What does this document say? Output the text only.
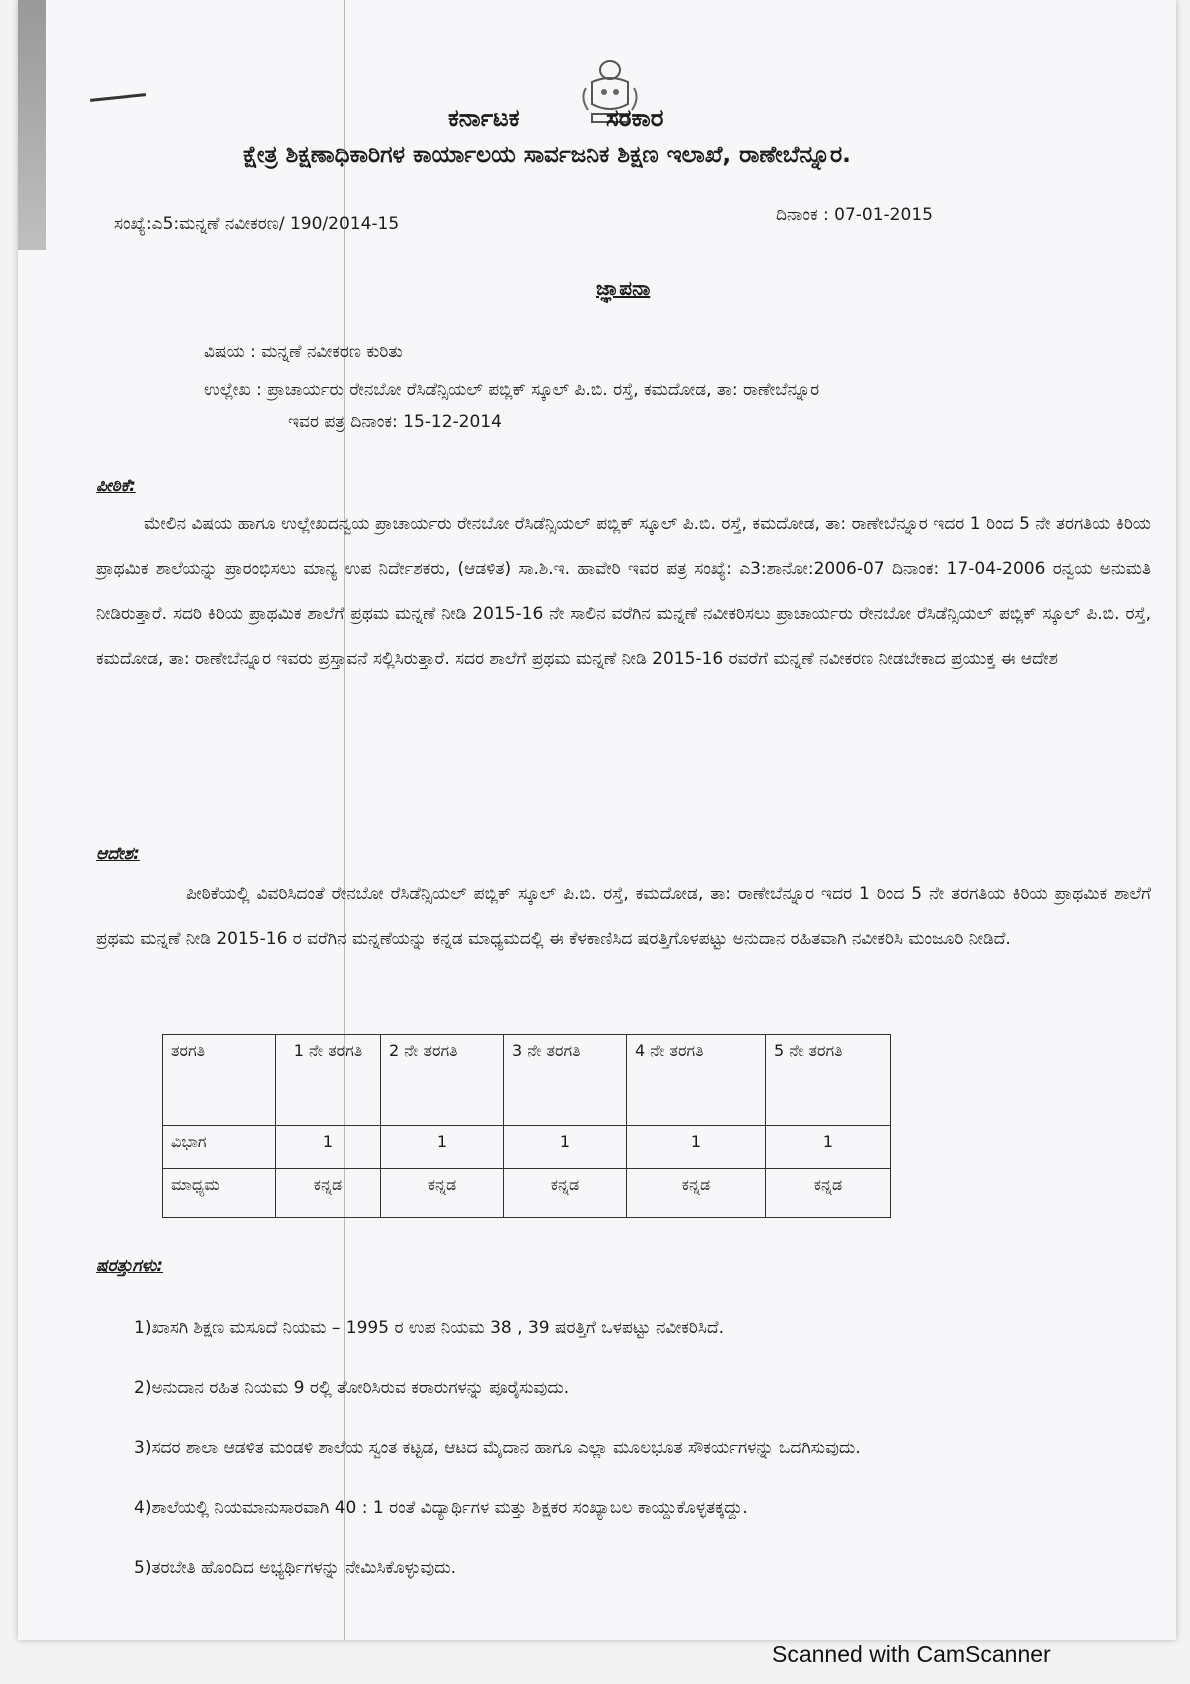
ಕರ್ನಾಟಕ	ಸರಕಾರ
ಕ್ಷೇತ್ರ ಶಿಕ್ಷಣಾಧಿಕಾರಿಗಳ ಕಾರ್ಯಾಲಯ ಸಾರ್ವಜನಿಕ ಶಿಕ್ಷಣ ಇಲಾಖೆ, ರಾಣೇಬೆನ್ನೂರ.
ಸಂಖ್ಯೆ:ಎ5:ಮನ್ನಣೆ ನವೀಕರಣ/ 190/2014-15	ದಿನಾಂಕ : 07-01-2015
ಜ್ಞಾಪನಾ
ವಿಷಯ : ಮನ್ನಣೆ ನವೀಕರಣ ಕುರಿತು
ಉಲ್ಲೇಖ : ಪ್ರಾಚಾರ್ಯರು ರೇನಬೋ ರೆಸಿಡೆನ್ಸಿಯಲ್ ಪಬ್ಲಿಕ್ ಸ್ಕೂಲ್ ಪಿ.ಬಿ. ರಸ್ತೆ, ಕಮದೋಡ, ತಾ: ರಾಣೇಬೆನ್ನೂರ
ಇವರ ಪತ್ರ ದಿನಾಂಕ: 15-12-2014
ಪೀಠಿಕೆ:
ಮೇಲಿನ ವಿಷಯ ಹಾಗೂ ಉಲ್ಲೇಖದನ್ವಯ ಪ್ರಾಚಾರ್ಯರು ರೇನಬೋ ರೆಸಿಡೆನ್ಸಿಯಲ್ ಪಬ್ಲಿಕ್ ಸ್ಕೂಲ್ ಪಿ.ಬಿ. ರಸ್ತೆ, ಕಮದೋಡ, ತಾ: ರಾಣೇಬೆನ್ನೂರ ಇದರ 1 ರಿಂದ 5 ನೇ ತರಗತಿಯ ಕಿರಿಯ ಪ್ರಾಥಮಿಕ ಶಾಲೆಯನ್ನು ಪ್ರಾರಂಭಿಸಲು ಮಾನ್ಯ ಉಪ ನಿರ್ದೇಶಕರು, (ಆಡಳಿತ) ಸಾ.ಶಿ.ಇ. ಹಾವೇರಿ ಇವರ ಪತ್ರ ಸಂಖ್ಯೆ: ಎ3:ಶಾನೋ:2006-07 ದಿನಾಂಕ: 17-04-2006 ರನ್ವಯ ಅನುಮತಿ ನೀಡಿರುತ್ತಾರೆ. ಸದರಿ ಕಿರಿಯ ಪ್ರಾಥಮಿಕ ಶಾಲೆಗೆ ಪ್ರಥಮ ಮನ್ನಣೆ ನೀಡಿ 2015-16 ನೇ ಸಾಲಿನ ವರೆಗಿನ ಮನ್ನಣೆ ನವೀಕರಿಸಲು ಪ್ರಾಚಾರ್ಯರು ರೇನಬೋ ರೆಸಿಡೆನ್ಸಿಯಲ್ ಪಬ್ಲಿಕ್ ಸ್ಕೂಲ್ ಪಿ.ಬಿ. ರಸ್ತೆ, ಕಮದೋಡ, ತಾ: ರಾಣೇಬೆನ್ನೂರ ಇವರು ಪ್ರಸ್ತಾವನೆ ಸಲ್ಲಿಸಿರುತ್ತಾರೆ. ಸದರ ಶಾಲೆಗೆ ಪ್ರಥಮ ಮನ್ನಣೆ ನೀಡಿ 2015-16 ರವರೆಗೆ ಮನ್ನಣೆ ನವೀಕರಣ ನೀಡಬೇಕಾದ ಪ್ರಯುಕ್ತ ಈ ಆದೇಶ
ಆದೇಶ:
ಪೀಠಿಕೆಯಲ್ಲಿ ವಿವರಿಸಿದಂತೆ ರೇನಬೋ ರೆಸಿಡೆನ್ಸಿಯಲ್ ಪಬ್ಲಿಕ್ ಸ್ಕೂಲ್ ಪಿ.ಬಿ. ರಸ್ತೆ, ಕಮದೋಡ, ತಾ: ರಾಣೇಬೆನ್ನೂರ ಇದರ 1 ರಿಂದ 5 ನೇ ತರಗತಿಯ ಕಿರಿಯ ಪ್ರಾಥಮಿಕ ಶಾಲೆಗೆ ಪ್ರಥಮ ಮನ್ನಣೆ ನೀಡಿ 2015-16 ರ ವರೆಗಿನ ಮನ್ನಣೆಯನ್ನು ಕನ್ನಡ ಮಾಧ್ಯಮದಲ್ಲಿ ಈ ಕೆಳಕಾಣಿಸಿದ ಷರತ್ತಿಗೊಳಪಟ್ಟು ಅನುದಾನ ರಹಿತವಾಗಿ ನವೀಕರಿಸಿ ಮಂಜೂರಿ ನೀಡಿದೆ.
ತರಗತಿ	1 ನೇ ತರಗತಿ	2 ನೇ ತರಗತಿ	3 ನೇ ತರಗತಿ	4 ನೇ ತರಗತಿ	5 ನೇ ತರಗತಿ
ವಿಭಾಗ	1	1	1	1	1
ಮಾಧ್ಯಮ	ಕನ್ನಡ	ಕನ್ನಡ	ಕನ್ನಡ	ಕನ್ನಡ	ಕನ್ನಡ
ಷರತ್ತುಗಳು:
1)ಖಾಸಗಿ ಶಿಕ್ಷಣ ಮಸೂದೆ ನಿಯಮ – 1995 ರ ಉಪ ನಿಯಮ 38 , 39 ಷರತ್ತಿಗೆ ಒಳಪಟ್ಟು ನವೀಕರಿಸಿದೆ.
2)ಅನುದಾನ ರಹಿತ ನಿಯಮ 9 ರಲ್ಲಿ ತೋರಿಸಿರುವ ಕರಾರುಗಳನ್ನು ಪೂರೈಸುವುದು.
3)ಸದರ ಶಾಲಾ ಆಡಳಿತ ಮಂಡಳಿ ಶಾಲೆಯ ಸ್ವಂತ ಕಟ್ಟಡ, ಆಟದ ಮೈದಾನ ಹಾಗೂ ಎಲ್ಲಾ ಮೂಲಭೂತ ಸೌಕರ್ಯಗಳನ್ನು ಒದಗಿಸುವುದು.
4)ಶಾಲೆಯಲ್ಲಿ ನಿಯಮಾನುಸಾರವಾಗಿ 40 : 1 ರಂತೆ ವಿದ್ಯಾರ್ಥಿಗಳ ಮತ್ತು ಶಿಕ್ಷಕರ ಸಂಖ್ಯಾಬಲ ಕಾಯ್ದುಕೊಳ್ಳತಕ್ಕದ್ದು.
5)ತರಬೇತಿ ಹೊಂದಿದ ಅಭ್ಯರ್ಥಿಗಳನ್ನು ನೇಮಿಸಿಕೊಳ್ಳುವುದು.
Scanned with CamScanner
